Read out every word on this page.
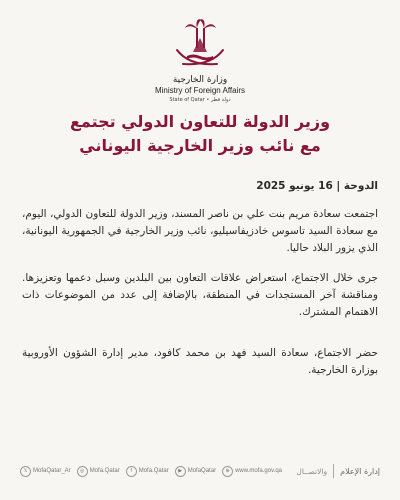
وزارة الخارجية
Ministry of Foreign Affairs
State of Qatar • دولة قطر
وزير الدولة للتعاون الدولي تجتمع
مع نائب وزير الخارجية اليوناني
الدوحة | 16 يونيو 2025

اجتمعت سعادة مريم بنت علي بن ناصر المسند، وزير الدولة للتعاون الدولي، اليوم، مع سعادة السيد تاسوس خادزيفاسيليو، نائب وزير الخارجية في الجمهورية اليونانية، الذي يزور البلاد حاليا.

جرى خلال الاجتماع، استعراض علاقات التعاون بين البلدين وسبل دعمها وتعزيزها. ومناقشة آخر المستجدات في المنطقة، بالإضافة إلى عدد من الموضوعات ذات الاهتمام المشترك.

حضر الاجتماع، سعادة السيد فهد بن محمد كافود، مدير إدارة الشؤون الأوروبية بوزارة الخارجية.

𝕏 MofaQatar_Ar	◎ Mofa.Qatar	f	Mofa.Qatar	▶ MofaQatar	⊕ www.mofa.gov.qa	إدارة الإعلام
والاتصــال
